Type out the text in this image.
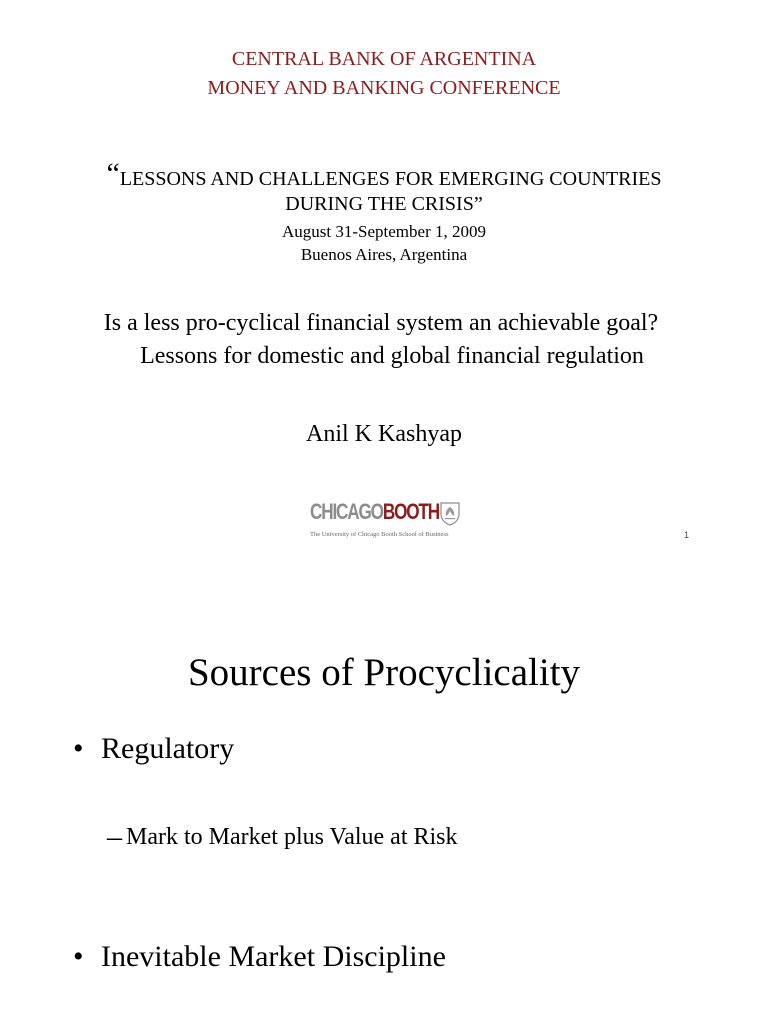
CENTRAL BANK OF ARGENTINA
MONEY AND BANKING CONFERENCE
“LESSONS AND CHALLENGES FOR EMERGING COUNTRIES
DURING THE CRISIS”
August 31-September 1, 2009
Buenos Aires, Argentina
Is a less pro-cyclical financial system an achievable goal?
Lessons for domestic and global financial regulation
Anil K Kashyap
CHICAGOBOOTH
The University of Chicago Booth School of Business	1
Sources of Procyclicality
• Regulatory
– Mark to Market plus Value at Risk
• Inevitable Market Discipline
